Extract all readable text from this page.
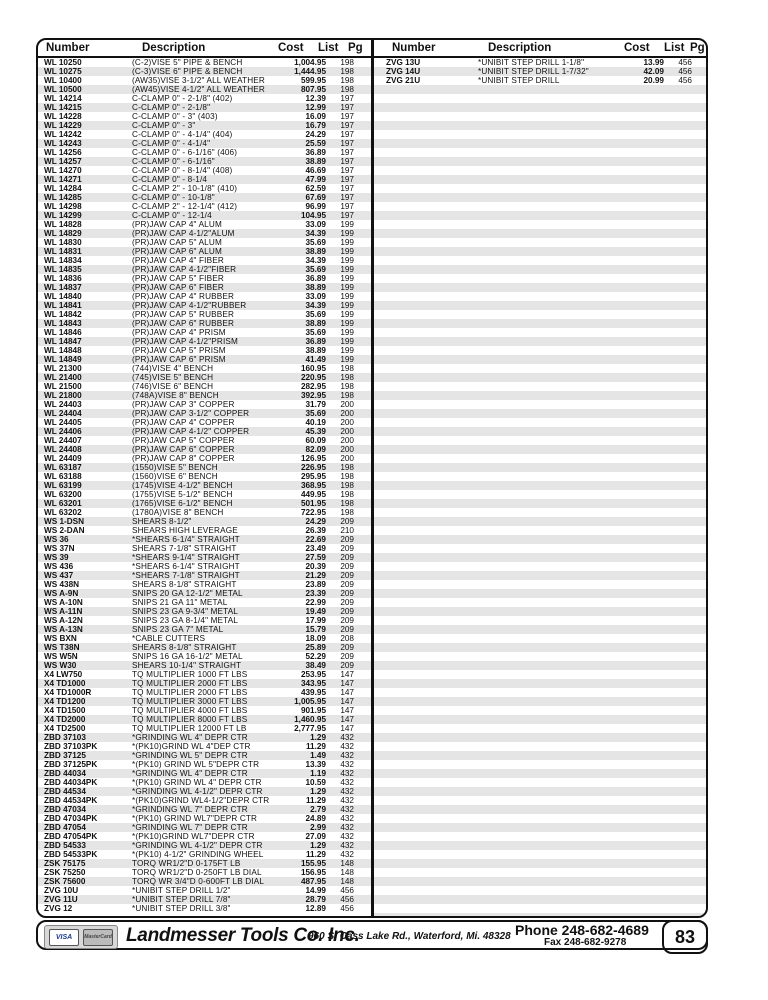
Number	Description	Cost List Pg
WL 10250	(C-2)VISE 5" PIPE & BENCH	1,004.95 198
WL 10275	(C-3)VISE 6" PIPE & BENCH	1,444.95 198
WL 10400	(AW35)VISE 3-1/2" ALL WEATHER	599.95 198
WL 10500	(AW45)VISE 4-1/2" ALL WEATHER	807.95 198
WL 14214	C-CLAMP 0" - 2-1/8" (402)	12.39 197
WL 14215	C-CLAMP 0" - 2-1/8"	12.99 197
WL 14228	C-CLAMP 0" - 3" (403)	16.09 197
WL 14229	C-CLAMP 0" - 3"	16.79 197
WL 14242	C-CLAMP 0" - 4-1/4" (404)	24.29 197
WL 14243	C-CLAMP 0" - 4-1/4"	25.59 197
WL 14256	C-CLAMP 0" - 6-1/16" (406)	36.89 197
WL 14257	C-CLAMP 0" - 6-1/16"	38.89 197
WL 14270	C-CLAMP 0" - 8-1/4" (408)	46.69 197
WL 14271	C-CLAMP 0" - 8-1/4	47.99 197
WL 14284	C-CLAMP 2" - 10-1/8" (410)	62.59 197
WL 14285	C-CLAMP 0" - 10-1/8"	67.69 197
WL 14298	C-CLAMP 2" - 12-1/4" (412)	96.99 197
WL 14299	C-CLAMP 0" - 12-1/4	104.95 197
WL 14828	(PR)JAW CAP 4" ALUM	33.09 199
WL 14829	(PR)JAW CAP 4-1/2"ALUM	34.39 199
WL 14830	(PR)JAW CAP 5" ALUM	35.69 199
WL 14831	(PR)JAW CAP 6" ALUM	38.89 199
WL 14834	(PR)JAW CAP 4" FIBER	34.39 199
WL 14835	(PR)JAW CAP 4-1/2"FIBER	35.69 199
WL 14836	(PR)JAW CAP 5" FIBER	36.89 199
WL 14837	(PR)JAW CAP 6" FIBER	38.89 199
WL 14840	(PR)JAW CAP 4" RUBBER	33.09 199
WL 14841	(PR)JAW CAP 4-1/2"RUBBER	34.39 199
WL 14842	(PR)JAW CAP 5" RUBBER	35.69 199
WL 14843	(PR)JAW CAP 6" RUBBER	38.89 199
WL 14846	(PR)JAW CAP 4" PRISM	35.69 199
WL 14847	(PR)JAW CAP 4-1/2"PRISM	36.89 199
WL 14848	(PR)JAW CAP 5" PRISM	38.89 199
WL 14849	(PR)JAW CAP 6" PRISM	41.49 199
WL 21300	(744)VISE 4" BENCH	160.95 198
WL 21400	(745)VISE 5" BENCH	220.95 198
WL 21500	(746)VISE 6" BENCH	282.95 198
WL 21800	(748A)VISE 8" BENCH	392.95 198
WL 24403	(PR)JAW CAP 3" COPPER	31.79 200
WL 24404	(PR)JAW CAP 3-1/2" COPPER	35.69 200
WL 24405	(PR)JAW CAP 4" COPPER	40.19 200
WL 24406	(PR)JAW CAP 4-1/2" COPPER	45.39 200
WL 24407	(PR)JAW CAP 5" COPPER	60.09 200
WL 24408	(PR)JAW CAP 6" COPPER	82.09 200
WL 24409	(PR)JAW CAP 8" COPPER	126.95 200
WL 63187	(1550)VISE 5" BENCH	226.95 198
WL 63188	(1560)VISE 6" BENCH	295.95 198
WL 63199	(1745)VISE 4-1/2" BENCH	368.95 198
WL 63200	(1755)VISE 5-1/2" BENCH	449.95 198
WL 63201	(1765)VISE 6-1/2" BENCH	501.95 198
WL 63202	(1780A)VISE 8" BENCH	722.95 198
WS 1-DSN	SHEARS 8-1/2"	24.29 209
WS 2-DAN	SHEARS HIGH LEVERAGE	26.39 210
WS 36	*SHEARS 6-1/4" STRAIGHT	22.69 209
WS 37N	SHEARS 7-1/8" STRAIGHT	23.49 209
WS 39	*SHEARS 9-1/4" STRAIGHT	27.59 209
WS 436	*SHEARS 6-1/4" STRAIGHT	20.39 209
WS 437	*SHEARS 7-1/8" STRAIGHT	21.29 209
WS 438N	SHEARS 8-1/8" STRAIGHT	23.89 209
WS A-9N	SNIPS 20 GA 12-1/2" METAL	23.39 209
WS A-10N	SNIPS 21 GA 11" METAL	22.99 209
WS A-11N	SNIPS 23 GA 9-3/4" METAL	19.49 209
WS A-12N	SNIPS 23 GA 8-1/4" METAL	17.99 209
WS A-13N	SNIPS 23 GA 7" METAL	15.79 209
WS BXN	*CABLE CUTTERS	18.09 208
WS T38N	SHEARS 8-1/8" STRAIGHT	25.89 209
WS W5N	SNIPS 16 GA 16-1/2" METAL	52.29 209
WS W30	SHEARS 10-1/4" STRAIGHT	38.49 209
X4 LW750	TQ MULTIPLIER 1000 FT LBS	253.95 147
X4 TD1000	TQ MULTIPLIER 2000 FT LBS	343.95 147
X4 TD1000R	TQ MULTIPLIER 2000 FT LBS	439.95 147
X4 TD1200	TQ MULTIPLIER 3000 FT LBS	1,005.95 147
X4 TD1500	TQ MULTIPLIER 4000 FT LBS	901.95 147
X4 TD2000	TQ MULTIPLIER 8000 FT LBS	1,460.95 147
X4 TD2500	TQ MULTIPLIER 12000 FT LB	2,777.95 147
ZBD 37103	*GRINDING WL 4" DEPR CTR	1.29 432
ZBD 37103PK	*(PK10)GRIND WL 4"DEP CTR	11.29 432
ZBD 37125	*GRINDING WL 5" DEPR CTR	1.49 432
ZBD 37125PK	*(PK10) GRIND WL 5"DEPR CTR	13.39 432
ZBD 44034	*GRINDING WL 4" DEPR CTR	1.19 432
ZBD 44034PK	*(PK10) GRIND WL 4" DEPR CTR	10.59 432
ZBD 44534	*GRINDING WL 4-1/2" DEPR CTR	1.29 432
ZBD 44534PK	*(PK10)GRIND WL4-1/2"DEPR CTR	11.29 432
ZBD 47034	*GRINDING WL 7" DEPR CTR	2.79 432
ZBD 47034PK	*(PK10) GRIND WL7"DEPR CTR	24.89 432
ZBD 47054	*GRINDING WL 7" DEPR CTR	2.99 432
ZBD 47054PK	*(PK10)GRIND WL7"DEPR CTR	27.09 432
ZBD 54533	*GRINDING WL 4-1/2" DEPR CTR	1.29 432
ZBD 54533PK	*(PK10) 4-1/2" GRINDING WHEEL	11.29 432
ZSK 75175	TORQ WR1/2"D 0-175FT LB	155.95 148
ZSK 75250	TORQ WR1/2"D 0-250FT LB DIAL	156.95 148
ZSK 75600	TORQ WR 3/4"D 0-600FT LB DIAL	487.95 148
ZVG 10U	*UNIBIT STEP DRILL 1/2"	14.99 456
ZVG 11U	*UNIBIT STEP DRILL 7/8"	28.79 456
ZVG 12	*UNIBIT STEP DRILL 3/8"	12.89 456
Number	Description	Cost List Pg
ZVG 13U	*UNIBIT STEP DRILL 1-1/8"	13.99 456
ZVG 14U	*UNIBIT STEP DRILL 1-7/32"	42.09 456
ZVG 21U	*UNIBIT STEP DRILL	20.99 456
VISA	MasterCard Landmesser Tools Co. Inc.
960 S. Cass Lake Rd., Waterford, Mi. 48328 Phone 248-682-4689
Fax 248-682-9278	83
